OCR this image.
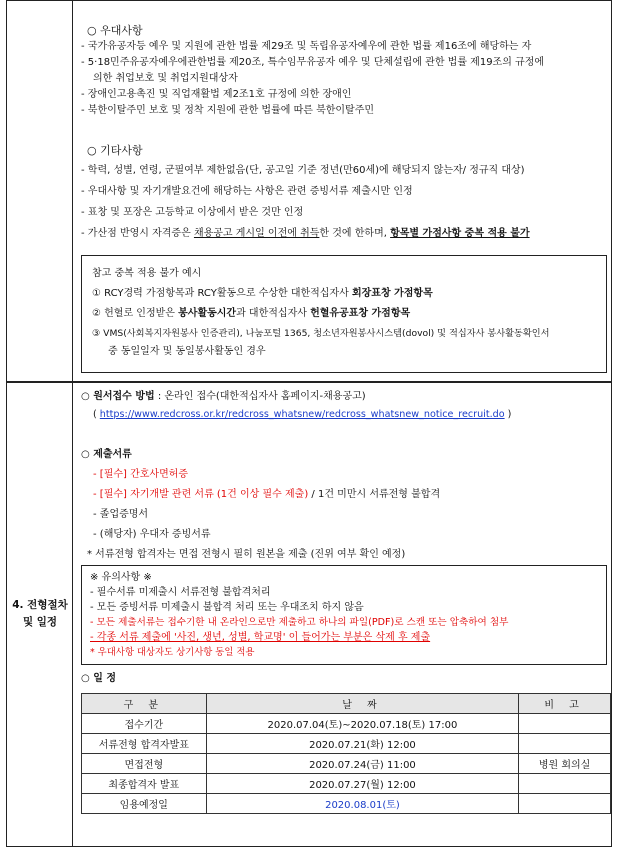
4. 전형절차
및 일정

○ 우대사항

- 국가유공자등 예우 및 지원에 관한 법률 제29조 및 독립유공자예우에 관한 법률 제16조에 해당하는 자

- 5·18민주유공자예우에관한법률 제20조, 특수임무유공자 예우 및 단체설립에 관한 법률 제19조의 규정에

의한 취업보호 및 취업지원대상자

- 장애인고용촉진 및 직업재활법 제2조1호 규정에 의한 장애인

- 북한이탈주민 보호 및 정착 지원에 관한 법률에 따른 북한이탈주민

○ 기타사항

- 학력, 성별, 연령, 군필여부 제한없음(단, 공고일 기준 정년(만60세)에 해당되지 않는자/ 정규직 대상)

- 우대사항 및 자기개발요건에 해당하는 사항은 관련 증빙서류 제출시만 인정

- 표창 및 포장은 고등학교 이상에서 받은 것만 인정

- 가산점 반영시 자격증은 채용공고 게시일 이전에 취득한 것에 한하며, 항목별 가점사항 중복 적용 불가

참고 중복 적용 불가 예시

① RCY경력 가점항목과 RCY활동으로 수상한 대한적십자사 회장표창 가점항목

② 헌혈로 인정받은 봉사활동시간과 대한적십자사 헌혈유공표창 가점항목

③ VMS(사회복지자원봉사 인증관리), 나눔포털 1365, 청소년자원봉사시스템(dovol) 및 적십자사 봉사활동확인서

중 동일일자 및 동일봉사활동인 경우

○ 원서접수 방법 : 온라인 접수(대한적십자사 홈페이지-채용공고)

( https://www.redcross.or.kr/redcross_whatsnew/redcross_whatsnew_notice_recruit.do )

○ 제출서류

- [필수] 간호사면허증

- [필수] 자기개발 관련 서류 (1건 이상 필수 제출) / 1건 미만시 서류전형 불합격

- 졸업증명서

- (해당자) 우대자 증빙서류

* 서류전형 합격자는 면접 전형시 필히 원본을 제출 (진위 여부 확인 예정)

※ 유의사항 ※

- 필수서류 미제출시 서류전형 불합격처리

- 모든 증빙서류 미제출시 불합격 처리 또는 우대조치 하지 않음

- 모든 제출서류는 접수기한 내 온라인으로만 제출하고 하나의 파일(PDF)로 스캔 또는 압축하여 첨부

- 각종 서류 제출에 '사진, 생년, 성별, 학교명' 이 들어가는 부분은 삭제 후 제출

* 우대사항 대상자도 상기사항 동일 적용

○ 일 정

구 분	날 짜	비 고
접수기간	2020.07.04(토)~2020.07.18(토) 17:00	
서류전형 합격자발표	2020.07.21(화) 12:00	
면접전형	2020.07.24(금) 11:00	병원 회의실
최종합격자 발표	2020.07.27(월) 12:00	
임용예정일	2020.08.01(토)	
